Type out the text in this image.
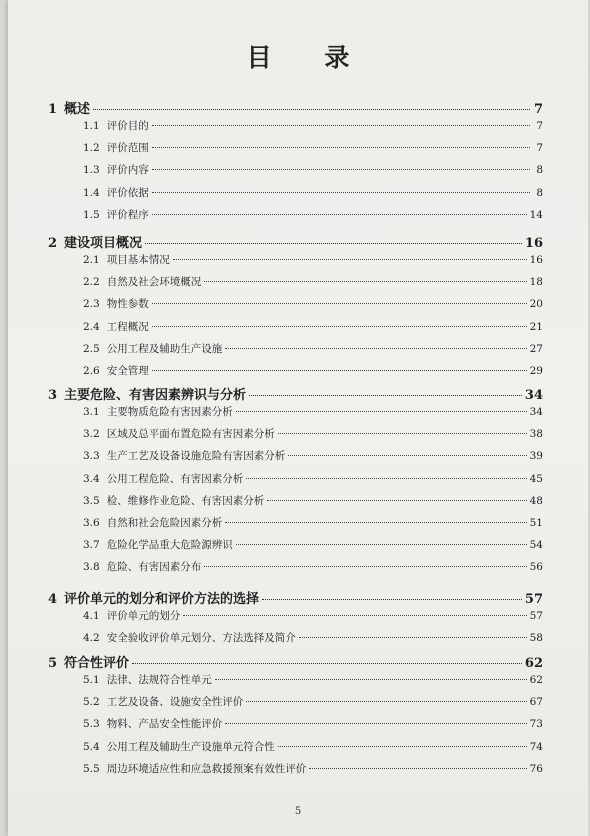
目 录
1 概述	7
1.1 评价目的	7
1.2 评价范围	7
1.3 评价内容	8
1.4 评价依据	8
1.5 评价程序	14
2 建设项目概况	16
2.1 项目基本情况	16
2.2 自然及社会环境概况	18
2.3 物性参数	20
2.4 工程概况	21
2.5 公用工程及辅助生产设施	27
2.6 安全管理	29
3 主要危险、有害因素辨识与分析	34
3.1 主要物质危险有害因素分析	34
3.2 区域及总平面布置危险有害因素分析	38
3.3 生产工艺及设备设施危险有害因素分析	39
3.4 公用工程危险、有害因素分析	45
3.5 检、维修作业危险、有害因素分析	48
3.6 自然和社会危险因素分析	51
3.7 危险化学品重大危险源辨识	54
3.8 危险、有害因素分布	56
4 评价单元的划分和评价方法的选择	57
4.1 评价单元的划分	57
4.2 安全验收评价单元划分、方法选择及简介	58
5 符合性评价	62
5.1 法律、法规符合性单元	62
5.2 工艺及设备、设施安全性评价	67
5.3 物料、产品安全性能评价	73
5.4 公用工程及辅助生产设施单元符合性	74
5.5 周边环境适应性和应急救援预案有效性评价	76
5
